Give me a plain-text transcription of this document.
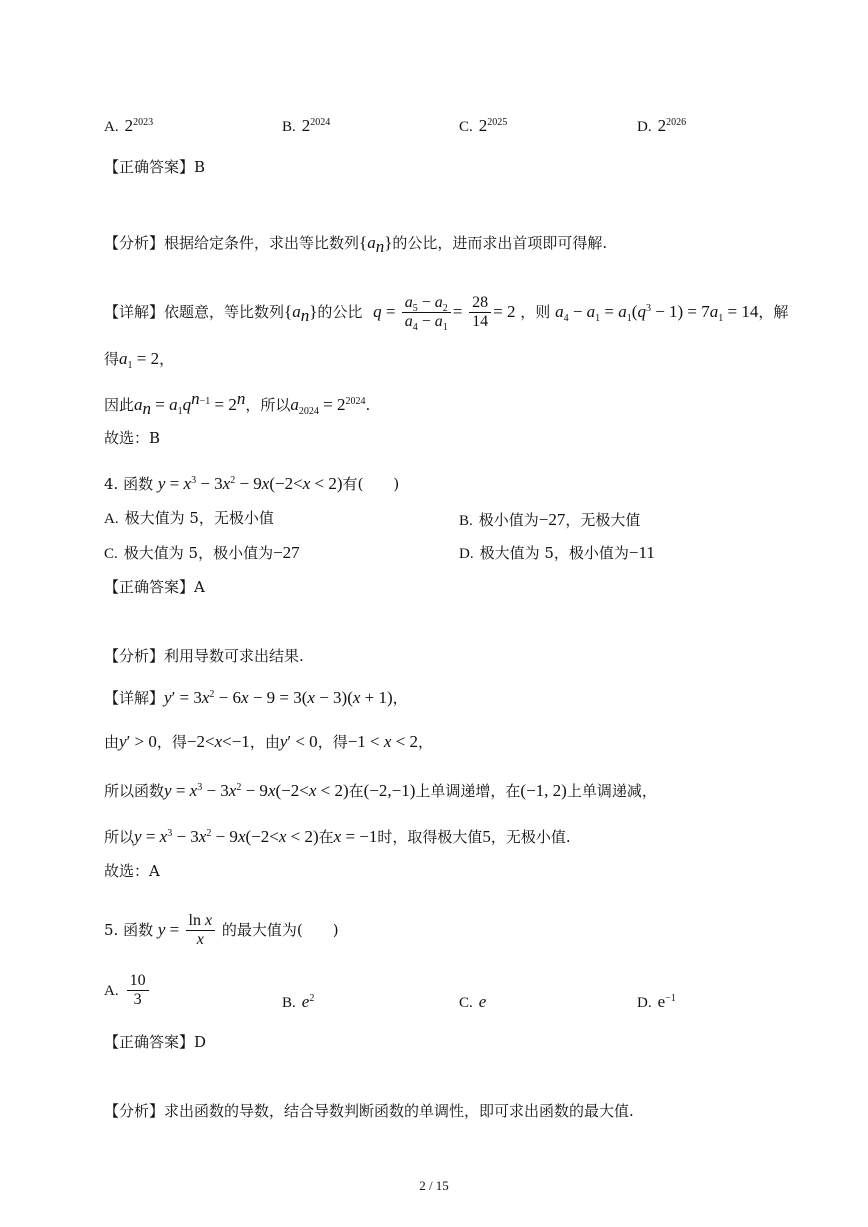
A. $2^{2023}$	B. $2^{2024}$	C. $2^{2025}$	D. $2^{2026}$
【正确答案】B
【分析】根据给定条件，求出等比数列$\{a_n\}$的公比，进而求出首项即可得解.
【详解】依题意，等比数列$\{a_n\}$的公比 $q = \frac{a_5 - a_2}{a_4 - a_1} = \frac{28}{14} = 2$ ，则 $a_4 - a_1 = a_1(q^3 - 1) = 7a_1 = 14$，解
得$a_1 = 2$，
因此$a_n = a_1q^{n-1} = 2^n$，所以$a_{2024} = 2^{2024}$.
故选：B
4. 函数 $y = x^3 - 3x^2 - 9x(-2<x < 2)$有(　　)
A. 极大值为 5，无极小值	B. 极小值为−27，无极大值
C. 极大值为 5，极小值为−27	D. 极大值为 5，极小值为−11
【正确答案】A
【分析】利用导数可求出结果.
【详解】$y' = 3x^2 - 6x - 9 = 3(x - 3)(x + 1)$，
由y′ > 0，得−2<x<−1，由y′ < 0，得−1 < x < 2，
所以函数$y = x^3 - 3x^2 - 9x(-2<x < 2)$在(−2,−1)上单调递增，在(−1, 2)上单调递减，
所以$y = x^3 - 3x^2 - 9x(-2<x < 2)$在x = −1时，取得极大值5，无极小值.
故选：A
5. 函数 $y = \frac{\text{ln x}}{x}$ 的最大值为(　　)
A. $\frac{10}{3}$	B. $e^2$	C. e	D. $e^{-1}$
【正确答案】D
【分析】求出函数的导数，结合导数判断函数的单调性，即可求出函数的最大值.
2 / 15
